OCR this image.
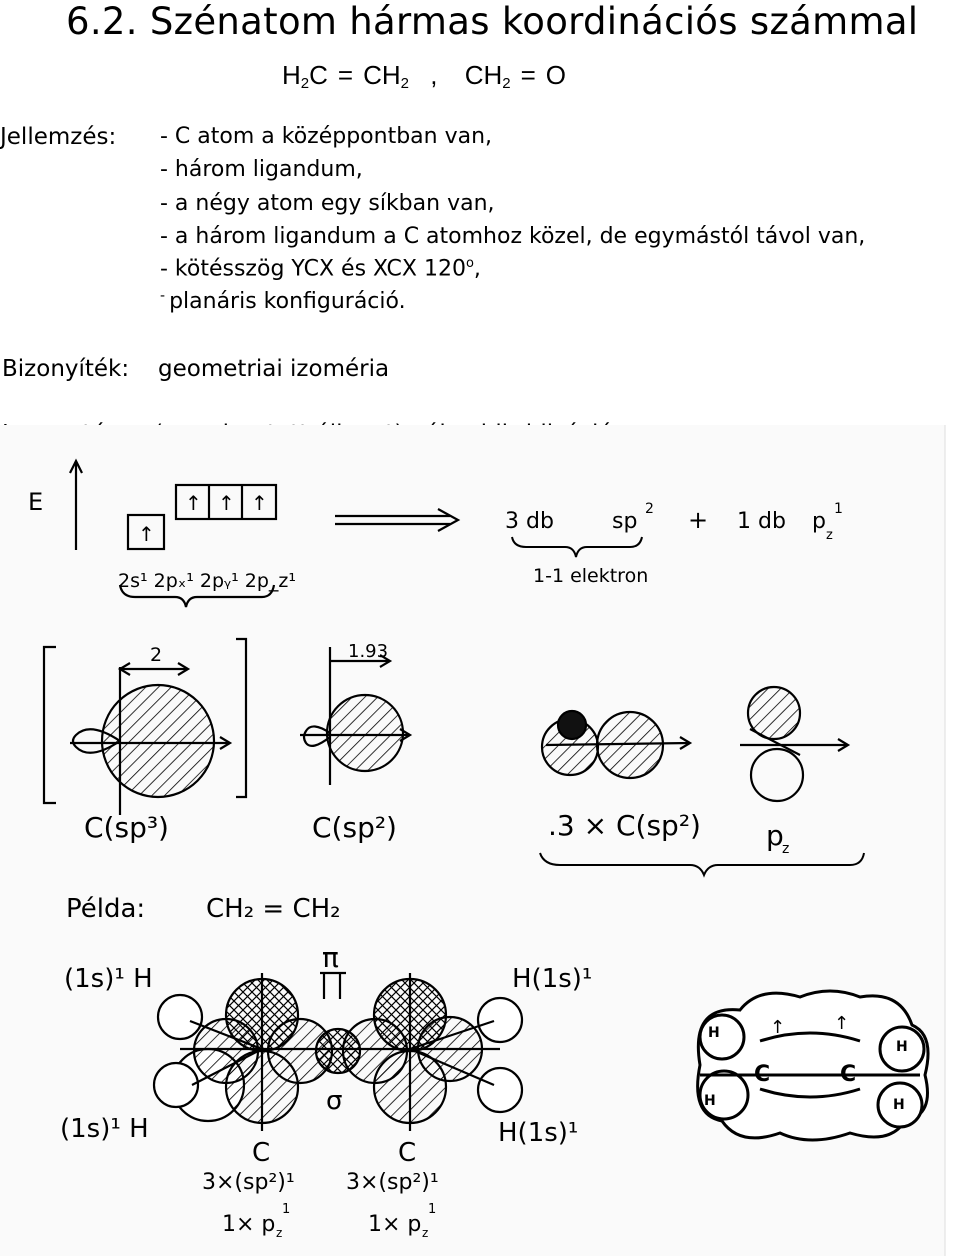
6.2. Szénatom hármas koordinációs számmal
$H_2C = CH_2$ , $CH_2 = O$
Jellemzés: - C atom a középpontban van,
- három ligandum,
- a négy atom egy síkban van,
- a három ligandum a C atomhoz közel, de egymástól távol van,
- kötésszög YCX és XCX 120$^o$,
- planáris konfiguráció.
Bizonyíték: geometriai izoméria
E
↑
↑ ↑ ↑
2s¹ 2pₓ¹ 2pᵧ¹ 2p_z¹
3 db	sp 2 + 1 db p 1
z
1-1 elektron
2	1.93
C(sp³)	C(sp²)	.3 × C(sp²) p
z
Példa: CH₂ = CH₂
(1s)¹ H	H(1s)¹
(1s)¹ H	H(1s)¹
π
σ
C	C
3×(sp²)¹ 3×(sp²)¹
1× p
1
z	1× p
1
z
C	C
H
H
H
H
↑	↑
